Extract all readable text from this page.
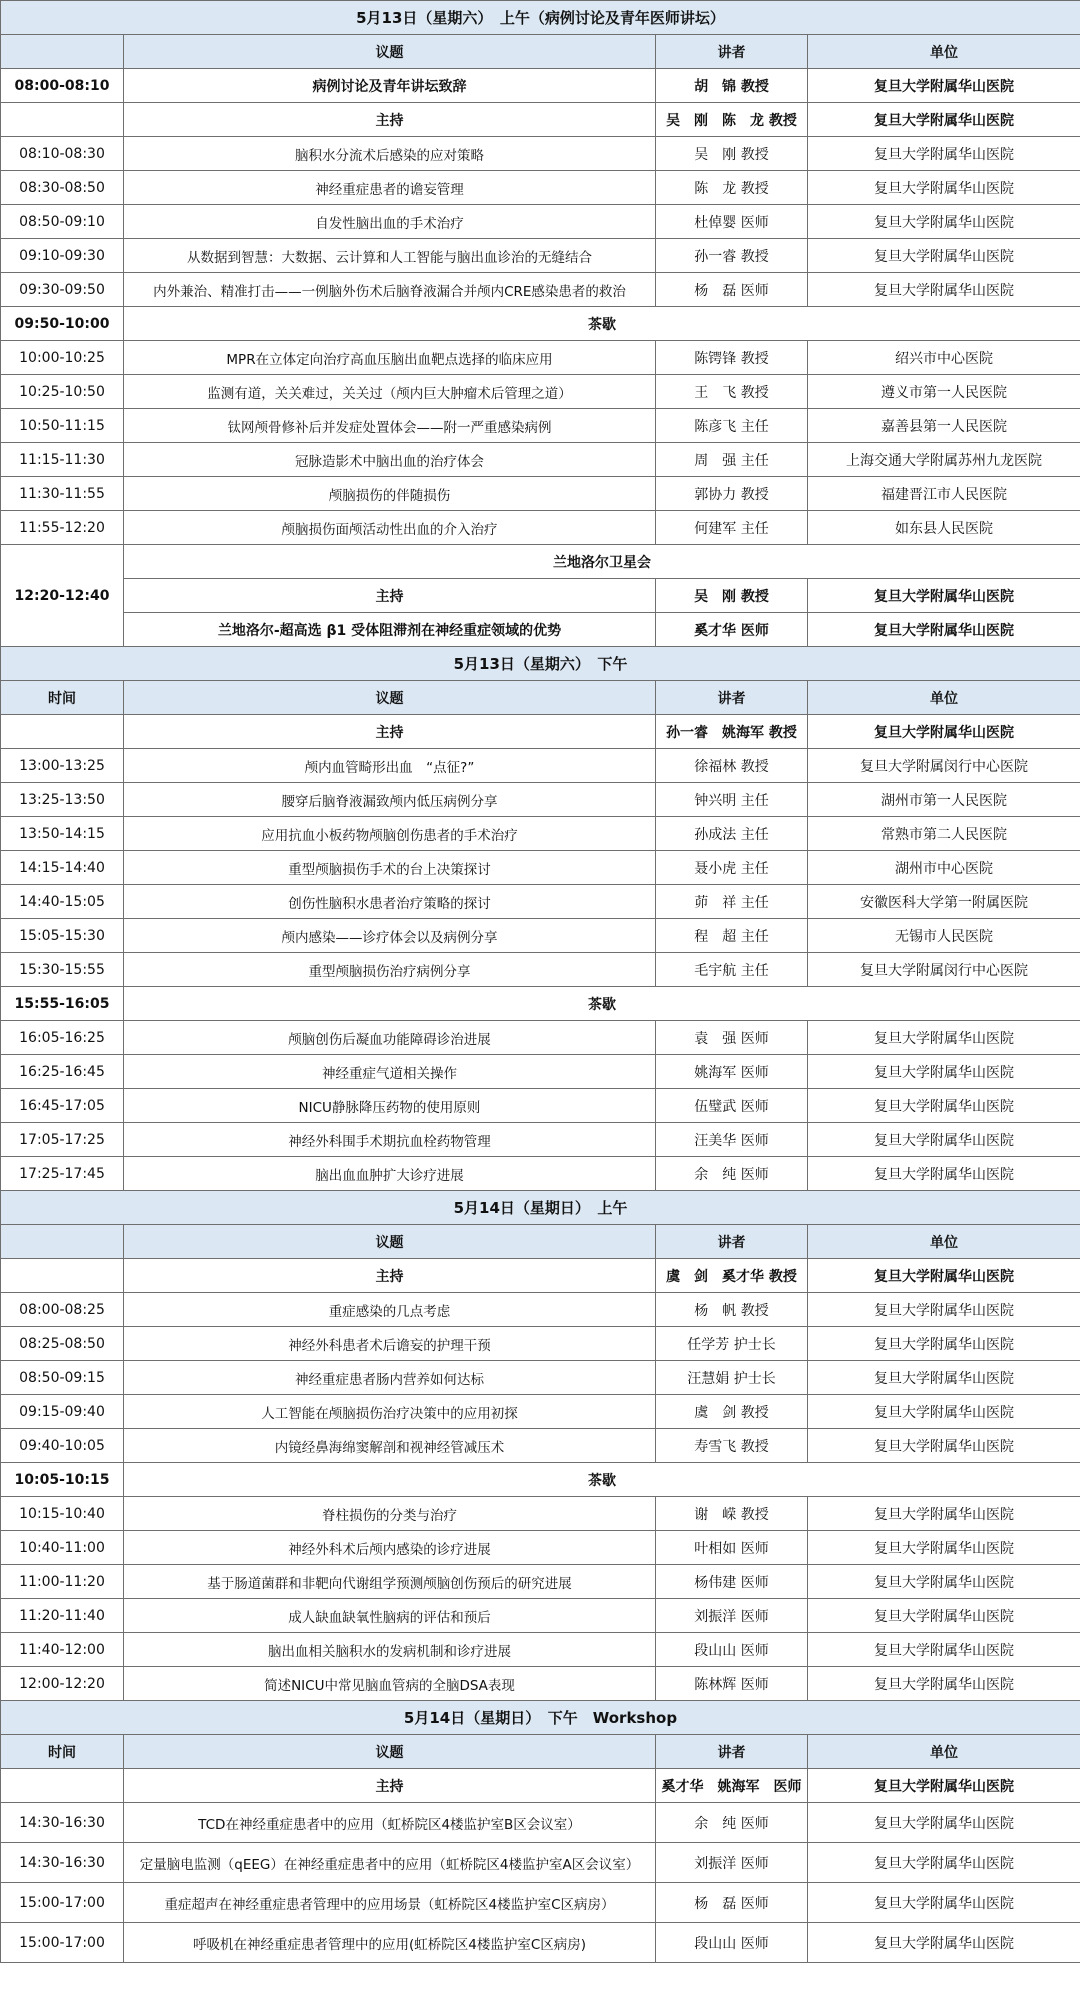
5月13日（星期六）　上午（病例讨论及青年医师讲坛）			
	议题	讲者	单位
08:00-08:10	病例讨论及青年讲坛致辞	胡　锦 教授	复旦大学附属华山医院
	主持	吴　刚　陈　龙 教授	复旦大学附属华山医院
08:10-08:30	脑积水分流术后感染的应对策略	吴　刚 教授	复旦大学附属华山医院
08:30-08:50	神经重症患者的谵妄管理	陈　龙 教授	复旦大学附属华山医院
08:50-09:10	自发性脑出血的手术治疗	杜倬婴 医师	复旦大学附属华山医院
09:10-09:30	从数据到智慧：大数据、云计算和人工智能与脑出血诊治的无缝结合	孙一睿 教授	复旦大学附属华山医院
09:30-09:50	内外兼治、精准打击——一例脑外伤术后脑脊液漏合并颅内CRE感染患者的救治	杨　磊 医师	复旦大学附属华山医院
09:50-10:00	茶歇		
10:00-10:25	MPR在立体定向治疗高血压脑出血靶点选择的临床应用	陈锷锋 教授	绍兴市中心医院
10:25-10:50	监测有道，关关难过，关关过（颅内巨大肿瘤术后管理之道）	王　飞 教授	遵义市第一人民医院
10:50-11:15	钛网颅骨修补后并发症处置体会——附一严重感染病例	陈彦飞 主任	嘉善县第一人民医院
11:15-11:30	冠脉造影术中脑出血的治疗体会	周　强 主任	上海交通大学附属苏州九龙医院
11:30-11:55	颅脑损伤的伴随损伤	郭协力 教授	福建晋江市人民医院
11:55-12:20	颅脑损伤面颅活动性出血的介入治疗	何建军 主任	如东县人民医院
12:20-12:40	兰地洛尔卫星会		
	主持	吴　刚 教授	复旦大学附属华山医院
	兰地洛尔-超高选 β1 受体阻滞剂在神经重症领域的优势	奚才华 医师	复旦大学附属华山医院
5月13日（星期六）　下午			
时间	议题	讲者	单位
	主持	孙一睿　姚海军 教授	复旦大学附属华山医院
13:00-13:25	颅内血管畸形出血　“点征?”	徐福林 教授	复旦大学附属闵行中心医院
13:25-13:50	腰穿后脑脊液漏致颅内低压病例分享	钟兴明 主任	湖州市第一人民医院
13:50-14:15	应用抗血小板药物颅脑创伤患者的手术治疗	孙成法 主任	常熟市第二人民医院
14:15-14:40	重型颅脑损伤手术的台上决策探讨	聂小虎 主任	湖州市中心医院
14:40-15:05	创伤性脑积水患者治疗策略的探讨	茆　祥 主任	安徽医科大学第一附属医院
15:05-15:30	颅内感染——诊疗体会以及病例分享	程　超 主任	无锡市人民医院
15:30-15:55	重型颅脑损伤治疗病例分享	毛宇航 主任	复旦大学附属闵行中心医院
15:55-16:05	茶歇		
16:05-16:25	颅脑创伤后凝血功能障碍诊治进展	袁　强 医师	复旦大学附属华山医院
16:25-16:45	神经重症气道相关操作	姚海军 医师	复旦大学附属华山医院
16:45-17:05	NICU静脉降压药物的使用原则	伍璧武 医师	复旦大学附属华山医院
17:05-17:25	神经外科围手术期抗血栓药物管理	汪美华 医师	复旦大学附属华山医院
17:25-17:45	脑出血血肿扩大诊疗进展	余　纯 医师	复旦大学附属华山医院
5月14日（星期日）　上午			
	议题	讲者	单位
	主持	虞　剑　奚才华 教授	复旦大学附属华山医院
08:00-08:25	重症感染的几点考虑	杨　帆 教授	复旦大学附属华山医院
08:25-08:50	神经外科患者术后谵妄的护理干预	任学芳 护士长	复旦大学附属华山医院
08:50-09:15	神经重症患者肠内营养如何达标	汪慧娟 护士长	复旦大学附属华山医院
09:15-09:40	人工智能在颅脑损伤治疗决策中的应用初探	虞　剑 教授	复旦大学附属华山医院
09:40-10:05	内镜经鼻海绵窦解剖和视神经管减压术	寿雪飞 教授	复旦大学附属华山医院
10:05-10:15	茶歇		
10:15-10:40	脊柱损伤的分类与治疗	谢　嵘 教授	复旦大学附属华山医院
10:40-11:00	神经外科术后颅内感染的诊疗进展	叶相如 医师	复旦大学附属华山医院
11:00-11:20	基于肠道菌群和非靶向代谢组学预测颅脑创伤预后的研究进展	杨伟建 医师	复旦大学附属华山医院
11:20-11:40	成人缺血缺氧性脑病的评估和预后	刘振洋 医师	复旦大学附属华山医院
11:40-12:00	脑出血相关脑积水的发病机制和诊疗进展	段山山 医师	复旦大学附属华山医院
12:00-12:20	简述NICU中常见脑血管病的全脑DSA表现	陈林辉 医师	复旦大学附属华山医院
5月14日（星期日）　下午　Workshop			
时间	议题	讲者	单位
	主持	奚才华　姚海军　医师	复旦大学附属华山医院
14:30-16:30	TCD在神经重症患者中的应用（虹桥院区4楼监护室B区会议室）	余　纯 医师	复旦大学附属华山医院
14:30-16:30	定量脑电监测（qEEG）在神经重症患者中的应用（虹桥院区4楼监护室A区会议室）	刘振洋 医师	复旦大学附属华山医院
15:00-17:00	重症超声在神经重症患者管理中的应用场景（虹桥院区4楼监护室C区病房）	杨　磊 医师	复旦大学附属华山医院
15:00-17:00	呼吸机在神经重症患者管理中的应用(虹桥院区4楼监护室C区病房)	段山山 医师	复旦大学附属华山医院
